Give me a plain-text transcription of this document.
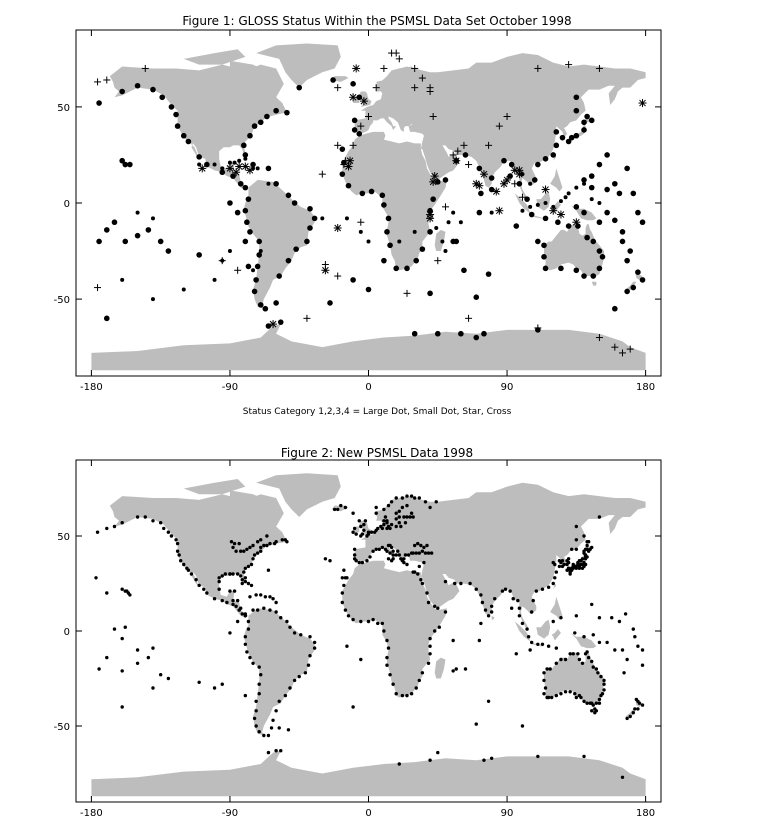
Figure 1: GLOSS Status Within the PSMSL Data Set October 1998
-180	-90	0	90	180
50
0
-50
Status Category 1,2,3,4 = Large Dot, Small Dot, Star, Cross
Figure 2: New PSMSL Data 1998
-180	-90	0	90	180
50
0
-50
